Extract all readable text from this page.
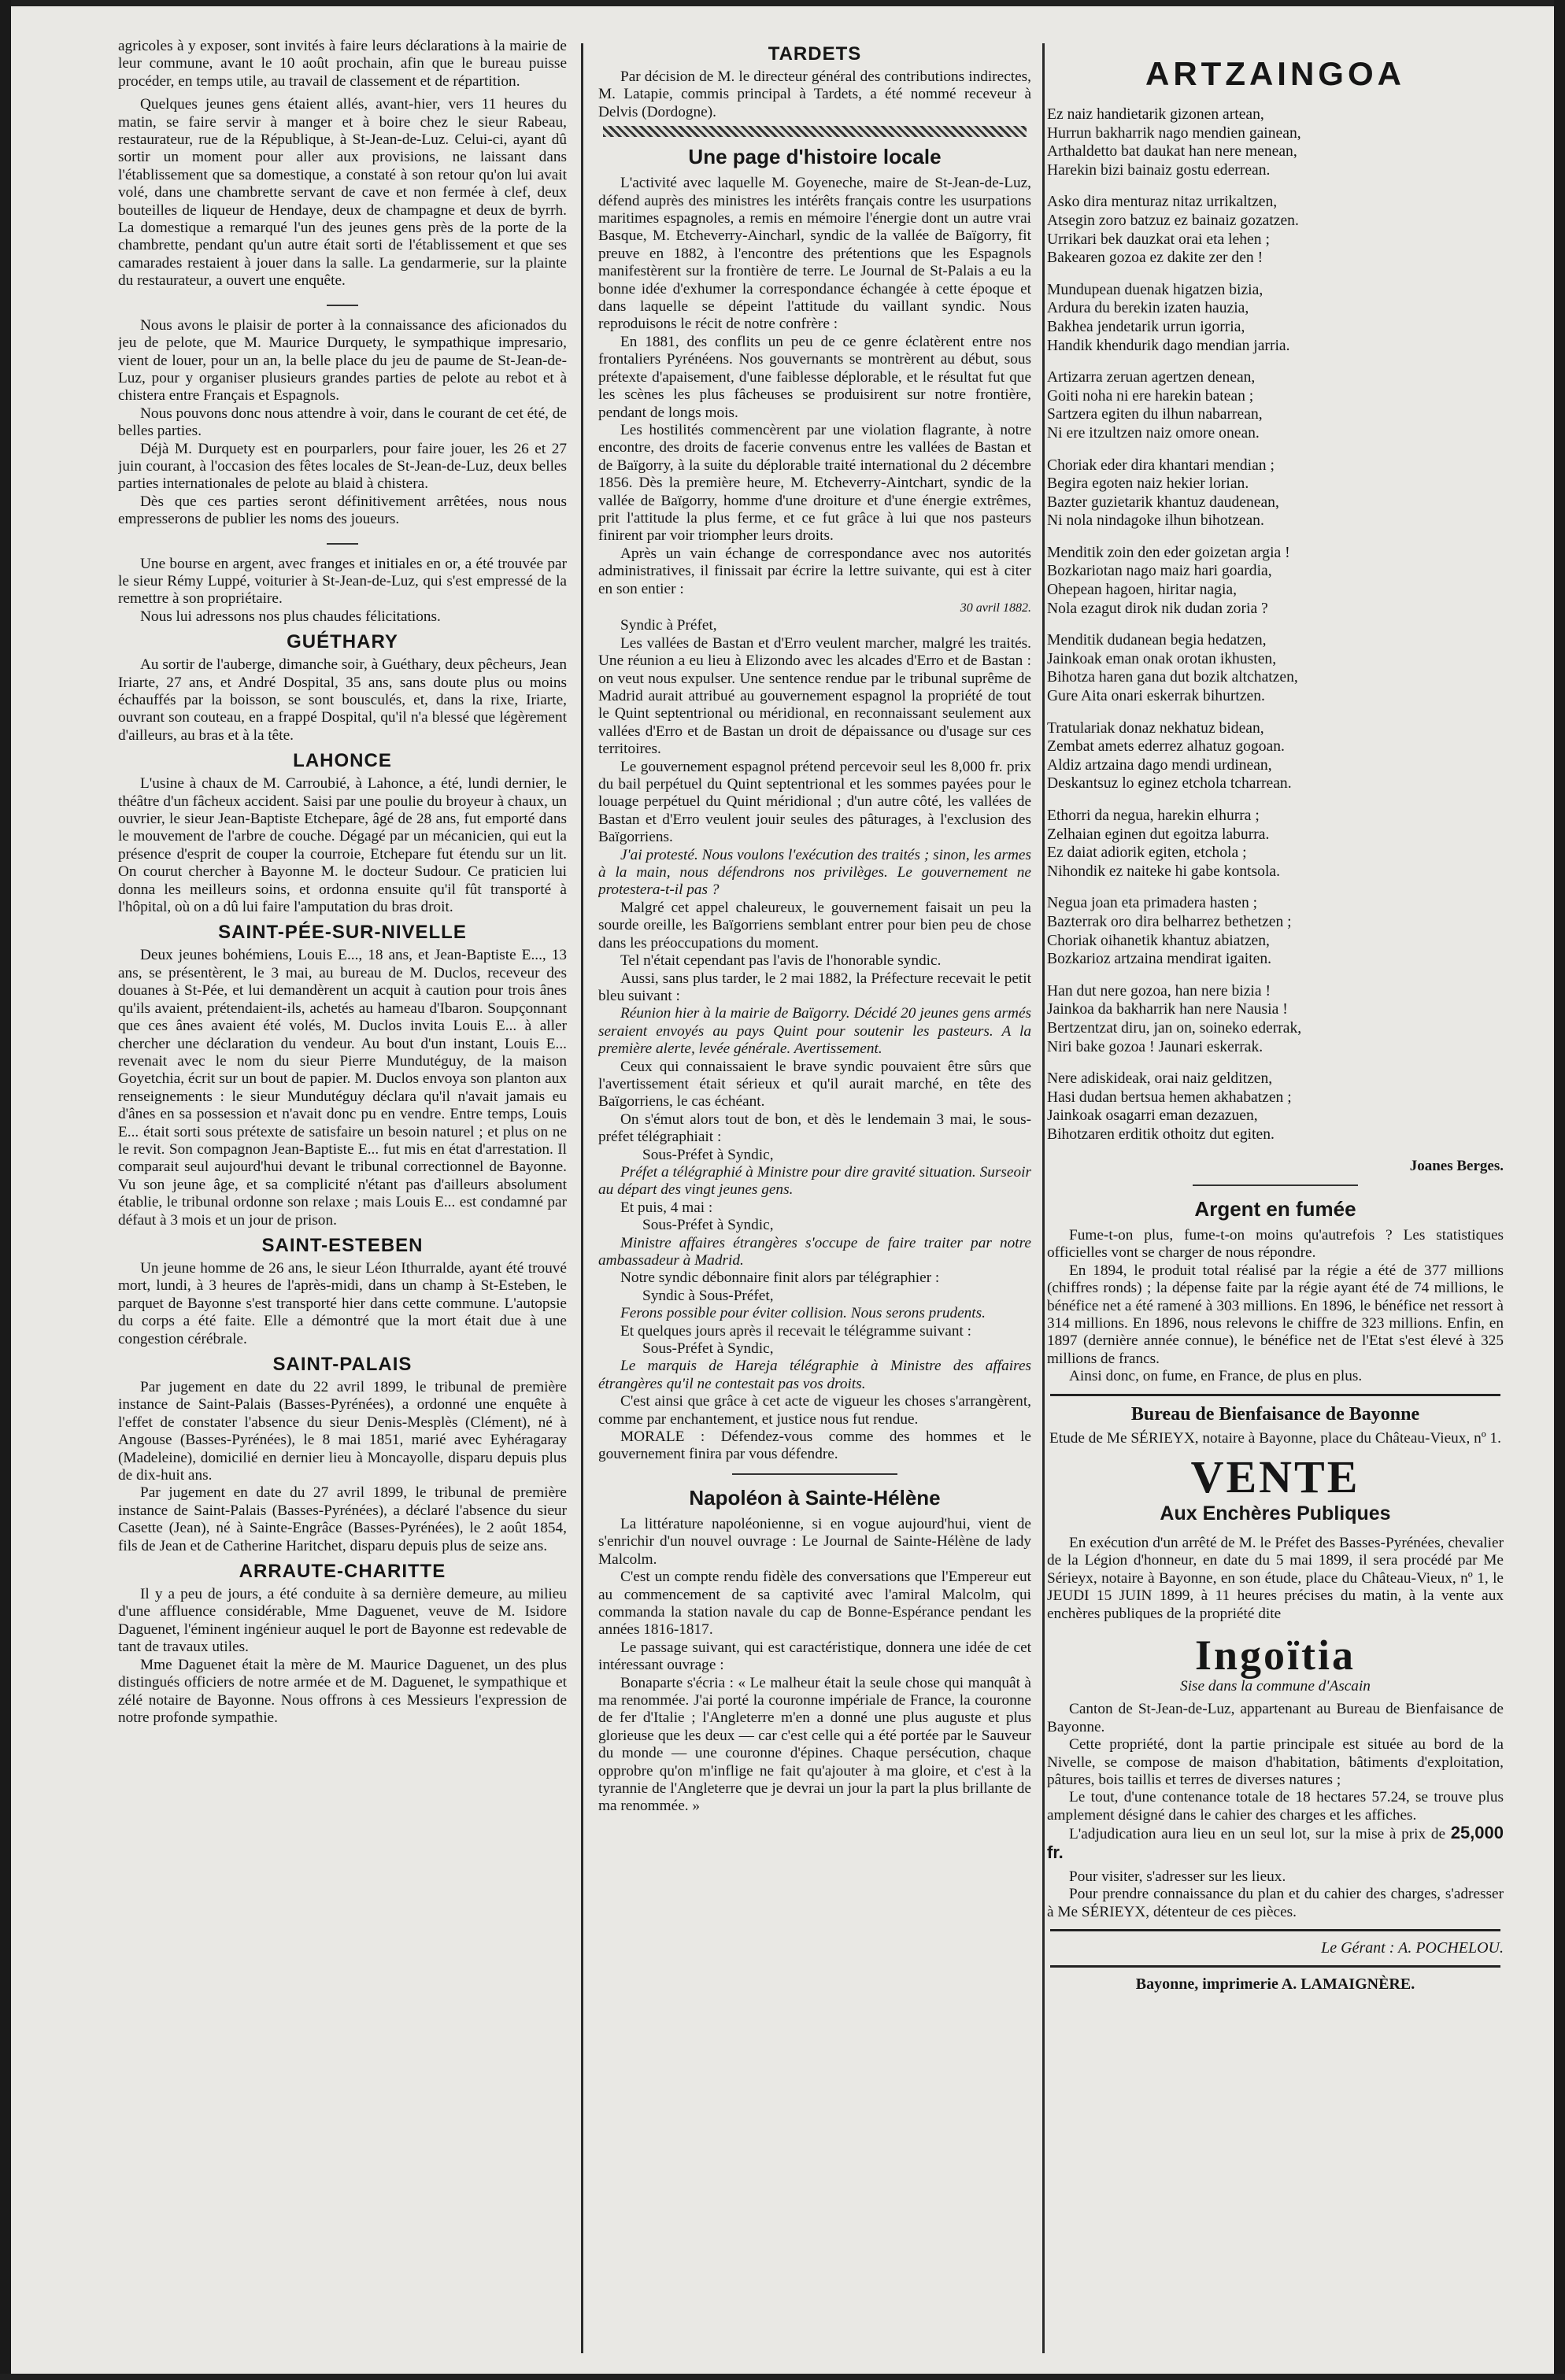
agricoles à y exposer, sont invités à faire leurs déclarations à la mairie de leur commune, avant le 10 août prochain, afin que le bureau puisse procéder, en temps utile, au travail de classement et de répartition.

Quelques jeunes gens étaient allés, avant-hier, vers 11 heures du matin, se faire servir à manger et à boire chez le sieur Rabeau, restaurateur, rue de la République, à St-Jean-de-Luz. Celui-ci, ayant dû sortir un moment pour aller aux provisions, ne laissant dans l'établissement que sa domestique, a constaté à son retour qu'on lui avait volé, dans une chambrette servant de cave et non fermée à clef, deux bouteilles de liqueur de Hendaye, deux de champagne et deux de byrrh. La domestique a remarqué l'un des jeunes gens près de la porte de la chambrette, pendant qu'un autre était sorti de l'établissement et que ses camarades restaient à jouer dans la salle. La gendarmerie, sur la plainte du restaurateur, a ouvert une enquête.

Nous avons le plaisir de porter à la connaissance des aficionados du jeu de pelote, que M. Maurice Durquety, le sympathique impresario, vient de louer, pour un an, la belle place du jeu de paume de St-Jean-de-Luz, pour y organiser plusieurs grandes parties de pelote au rebot et à chistera entre Français et Espagnols.

Nous pouvons donc nous attendre à voir, dans le courant de cet été, de belles parties.

Déjà M. Durquety est en pourparlers, pour faire jouer, les 26 et 27 juin courant, à l'occasion des fêtes locales de St-Jean-de-Luz, deux belles parties internationales de pelote au blaid à chistera.

Dès que ces parties seront définitivement arrêtées, nous nous empresserons de publier les noms des joueurs.

Une bourse en argent, avec franges et initiales en or, a été trouvée par le sieur Rémy Luppé, voiturier à St-Jean-de-Luz, qui s'est empressé de la remettre à son propriétaire.

Nous lui adressons nos plus chaudes félicitations.

GUÉTHARY

Au sortir de l'auberge, dimanche soir, à Guéthary, deux pêcheurs, Jean Iriarte, 27 ans, et André Dospital, 35 ans, sans doute plus ou moins échauffés par la boisson, se sont bousculés, et, dans la rixe, Iriarte, ouvrant son couteau, en a frappé Dospital, qu'il n'a blessé que légèrement d'ailleurs, au bras et à la tête.

LAHONCE

L'usine à chaux de M. Carroubié, à Lahonce, a été, lundi dernier, le théâtre d'un fâcheux accident. Saisi par une poulie du broyeur à chaux, un ouvrier, le sieur Jean-Baptiste Etchepare, âgé de 28 ans, fut emporté dans le mouvement de l'arbre de couche. Dégagé par un mécanicien, qui eut la présence d'esprit de couper la courroie, Etchepare fut étendu sur un lit. On courut chercher à Bayonne M. le docteur Sudour. Ce praticien lui donna les meilleurs soins, et ordonna ensuite qu'il fût transporté à l'hôpital, où on a dû lui faire l'amputation du bras droit.

SAINT-PÉE-SUR-NIVELLE

Deux jeunes bohémiens, Louis E..., 18 ans, et Jean-Baptiste E..., 13 ans, se présentèrent, le 3 mai, au bureau de M. Duclos, receveur des douanes à St-Pée, et lui demandèrent un acquit à caution pour trois ânes qu'ils avaient, prétendaient-ils, achetés au hameau d'Ibaron. Soupçonnant que ces ânes avaient été volés, M. Duclos invita Louis E... à aller chercher une déclaration du vendeur. Au bout d'un instant, Louis E... revenait avec le nom du sieur Pierre Mundutéguy, de la maison Goyetchia, écrit sur un bout de papier. M. Duclos envoya son planton aux renseignements : le sieur Mundutéguy déclara qu'il n'avait jamais eu d'ânes en sa possession et n'avait donc pu en vendre. Entre temps, Louis E... était sorti sous prétexte de satisfaire un besoin naturel ; et plus on ne le revit. Son compagnon Jean-Baptiste E... fut mis en état d'arrestation. Il comparait seul aujourd'hui devant le tribunal correctionnel de Bayonne. Vu son jeune âge, et sa complicité n'étant pas d'ailleurs absolument établie, le tribunal ordonne son relaxe ; mais Louis E... est condamné par défaut à 3 mois et un jour de prison.

SAINT-ESTEBEN

Un jeune homme de 26 ans, le sieur Léon Ithurralde, ayant été trouvé mort, lundi, à 3 heures de l'après-midi, dans un champ à St-Esteben, le parquet de Bayonne s'est transporté hier dans cette commune. L'autopsie du corps a été faite. Elle a démontré que la mort était due à une congestion cérébrale.

SAINT-PALAIS

Par jugement en date du 22 avril 1899, le tribunal de première instance de Saint-Palais (Basses-Pyrénées), a ordonné une enquête à l'effet de constater l'absence du sieur Denis-Mesplès (Clément), né à Angouse (Basses-Pyrénées), le 8 mai 1851, marié avec Eyhéragaray (Madeleine), domicilié en dernier lieu à Moncayolle, disparu depuis plus de dix-huit ans.

Par jugement en date du 27 avril 1899, le tribunal de première instance de Saint-Palais (Basses-Pyrénées), a déclaré l'absence du sieur Casette (Jean), né à Sainte-Engrâce (Basses-Pyrénées), le 2 août 1854, fils de Jean et de Catherine Haritchet, disparu depuis plus de seize ans.

ARRAUTE-CHARITTE

Il y a peu de jours, a été conduite à sa dernière demeure, au milieu d'une affluence considérable, Mme Daguenet, veuve de M. Isidore Daguenet, l'éminent ingénieur auquel le port de Bayonne est redevable de tant de travaux utiles.

Mme Daguenet était la mère de M. Maurice Daguenet, un des plus distingués officiers de notre armée et de M. Daguenet, le sympathique et zélé notaire de Bayonne. Nous offrons à ces Messieurs l'expression de notre profonde sympathie.

TARDETS

Par décision de M. le directeur général des contributions indirectes, M. Latapie, commis principal à Tardets, a été nommé receveur à Delvis (Dordogne).

Une page d'histoire locale

L'activité avec laquelle M. Goyeneche, maire de St-Jean-de-Luz, défend auprès des ministres les intérêts français contre les usurpations maritimes espagnoles, a remis en mémoire l'énergie dont un autre vrai Basque, M. Etcheverry-Aincharl, syndic de la vallée de Baïgorry, fit preuve en 1882, à l'encontre des prétentions que les Espagnols manifestèrent sur la frontière de terre. Le Journal de St-Palais a eu la bonne idée d'exhumer la correspondance échangée à cette époque et dans laquelle se dépeint l'attitude du vaillant syndic. Nous reproduisons le récit de notre confrère :

En 1881, des conflits un peu de ce genre éclatèrent entre nos frontaliers Pyrénéens. Nos gouvernants se montrèrent au début, sous prétexte d'apaisement, d'une faiblesse déplorable, et le résultat fut que les scènes les plus fâcheuses se produisirent sur notre frontière, pendant de longs mois.

Les hostilités commencèrent par une violation flagrante, à notre encontre, des droits de facerie convenus entre les vallées de Bastan et de Baïgorry, à la suite du déplorable traité international du 2 décembre 1856. Dès la première heure, M. Etcheverry-Aintchart, syndic de la vallée de Baïgorry, homme d'une droiture et d'une énergie extrêmes, prit l'attitude la plus ferme, et ce fut grâce à lui que nos pasteurs finirent par voir triompher leurs droits.

Après un vain échange de correspondance avec nos autorités administratives, il finissait par écrire la lettre suivante, qui est à citer en son entier :

30 avril 1882.

Syndic à Préfet,

Les vallées de Bastan et d'Erro veulent marcher, malgré les traités. Une réunion a eu lieu à Elizondo avec les alcades d'Erro et de Bastan : on veut nous expulser. Une sentence rendue par le tribunal suprême de Madrid aurait attribué au gouvernement espagnol la propriété de tout le Quint septentrional ou méridional, en reconnaissant seulement aux vallées d'Erro et de Bastan un droit de dépaissance ou d'usage sur ces territoires.

Le gouvernement espagnol prétend percevoir seul les 8,000 fr. prix du bail perpétuel du Quint septentrional et les sommes payées pour le louage perpétuel du Quint méridional ; d'un autre côté, les vallées de Bastan et d'Erro veulent jouir seules des pâturages, à l'exclusion des Baïgorriens.

J'ai protesté. Nous voulons l'exécution des traités ; sinon, les armes à la main, nous défendrons nos privilèges. Le gouvernement ne protestera-t-il pas ?

Malgré cet appel chaleureux, le gouvernement faisait un peu la sourde oreille, les Baïgorriens semblant entrer pour bien peu de chose dans les préoccupations du moment.

Tel n'était cependant pas l'avis de l'honorable syndic.

Aussi, sans plus tarder, le 2 mai 1882, la Préfecture recevait le petit bleu suivant :

Réunion hier à la mairie de Baïgorry. Décidé 20 jeunes gens armés seraient envoyés au pays Quint pour soutenir les pasteurs. A la première alerte, levée générale. Avertissement.

Ceux qui connaissaient le brave syndic pouvaient être sûrs que l'avertissement était sérieux et qu'il aurait marché, en tête des Baïgorriens, le cas échéant.

On s'émut alors tout de bon, et dès le lendemain 3 mai, le sous-préfet télégraphiait :

Sous-Préfet à Syndic,

Préfet a télégraphié à Ministre pour dire gravité situation. Surseoir au départ des vingt jeunes gens.

Et puis, 4 mai :

Sous-Préfet à Syndic,

Ministre affaires étrangères s'occupe de faire traiter par notre ambassadeur à Madrid.

Notre syndic débonnaire finit alors par télégraphier :

Syndic à Sous-Préfet,

Ferons possible pour éviter collision. Nous serons prudents.

Et quelques jours après il recevait le télégramme suivant :

Sous-Préfet à Syndic,

Le marquis de Hareja télégraphie à Ministre des affaires étrangères qu'il ne contestait pas vos droits.

C'est ainsi que grâce à cet acte de vigueur les choses s'arrangèrent, comme par enchantement, et justice nous fut rendue.

MORALE : Défendez-vous comme des hommes et le gouvernement finira par vous défendre.

Napoléon à Sainte-Hélène

La littérature napoléonienne, si en vogue aujourd'hui, vient de s'enrichir d'un nouvel ouvrage : Le Journal de Sainte-Hélène de lady Malcolm.

C'est un compte rendu fidèle des conversations que l'Empereur eut au commencement de sa captivité avec l'amiral Malcolm, qui commanda la station navale du cap de Bonne-Espérance pendant les années 1816-1817.

Le passage suivant, qui est caractéristique, donnera une idée de cet intéressant ouvrage :

Bonaparte s'écria : « Le malheur était la seule chose qui manquât à ma renommée. J'ai porté la couronne impériale de France, la couronne de fer d'Italie ; l'Angleterre m'en a donné une plus auguste et plus glorieuse que les deux — car c'est celle qui a été portée par le Sauveur du monde — une couronne d'épines. Chaque persécution, chaque opprobre qu'on m'inflige ne fait qu'ajouter à ma gloire, et c'est à la tyrannie de l'Angleterre que je devrai un jour la part la plus brillante de ma renommée. »

ARTZAINGOA

Ez naiz handietarik gizonen artean,

Hurrun bakharrik nago mendien gainean,

Arthaldetto bat daukat han nere menean,

Harekin bizi bainaiz gostu ederrean.

Asko dira menturaz nitaz urrikaltzen,

Atsegin zoro batzuz ez bainaiz gozatzen.

Urrikari bek dauzkat orai eta lehen ;

Bakearen gozoa ez dakite zer den !

Mundupean duenak higatzen bizia,

Ardura du berekin izaten hauzia,

Bakhea jendetarik urrun igorria,

Handik khendurik dago mendian jarria.

Artizarra zeruan agertzen denean,

Goiti noha ni ere harekin batean ;

Sartzera egiten du ilhun nabarrean,

Ni ere itzultzen naiz omore onean.

Choriak eder dira khantari mendian ;

Begira egoten naiz hekier lorian.

Bazter guzietarik khantuz daudenean,

Ni nola nindagoke ilhun bihotzean.

Menditik zoin den eder goizetan argia !

Bozkariotan nago maiz hari goardia,

Ohepean hagoen, hiritar nagia,

Nola ezagut dirok nik dudan zoria ?

Menditik dudanean begia hedatzen,

Jainkoak eman onak orotan ikhusten,

Bihotza haren gana dut bozik altchatzen,

Gure Aita onari eskerrak bihurtzen.

Tratulariak donaz nekhatuz bidean,

Zembat amets ederrez alhatuz gogoan.

Aldiz artzaina dago mendi urdinean,

Deskantsuz lo eginez etchola tcharrean.

Ethorri da negua, harekin elhurra ;

Zelhaian eginen dut egoitza laburra.

Ez daiat adiorik egiten, etchola ;

Nihondik ez naiteke hi gabe kontsola.

Negua joan eta primadera hasten ;

Bazterrak oro dira belharrez bethetzen ;

Choriak oihanetik khantuz abiatzen,

Bozkarioz artzaina mendirat igaiten.

Han dut nere gozoa, han nere bizia !

Jainkoa da bakharrik han nere Nausia !

Bertzentzat diru, jan on, soineko ederrak,

Niri bake gozoa ! Jaunari eskerrak.

Nere adiskideak, orai naiz gelditzen,

Hasi dudan bertsua hemen akhabatzen ;

Jainkoak osagarri eman dezazuen,

Bihotzaren erditik othoitz dut egiten.

Joanes Berges.

Argent en fumée

Fume-t-on plus, fume-t-on moins qu'autrefois ? Les statistiques officielles vont se charger de nous répondre.

En 1894, le produit total réalisé par la régie a été de 377 millions (chiffres ronds) ; la dépense faite par la régie ayant été de 74 millions, le bénéfice net a été ramené à 303 millions. En 1896, le bénéfice net ressort à 314 millions. En 1896, nous relevons le chiffre de 323 millions. Enfin, en 1897 (dernière année connue), le bénéfice net de l'Etat s'est élevé à 325 millions de francs.

Ainsi donc, on fume, en France, de plus en plus.

Bureau de Bienfaisance de Bayonne

Etude de Me SÉRIEYX, notaire à Bayonne, place du Château-Vieux, nº 1.

VENTE
Aux Enchères Publiques

En exécution d'un arrêté de M. le Préfet des Basses-Pyrénées, chevalier de la Légion d'honneur, en date du 5 mai 1899, il sera procédé par Me Sérieyx, notaire à Bayonne, en son étude, place du Château-Vieux, nº 1, le JEUDI 15 JUIN 1899, à 11 heures précises du matin, à la vente aux enchères publiques de la propriété dite

Ingoïtia

Sise dans la commune d'Ascain

Canton de St-Jean-de-Luz, appartenant au Bureau de Bienfaisance de Bayonne.

Cette propriété, dont la partie principale est située au bord de la Nivelle, se compose de maison d'habitation, bâtiments d'exploitation, pâtures, bois taillis et terres de diverses natures ;

Le tout, d'une contenance totale de 18 hectares 57.24, se trouve plus amplement désigné dans le cahier des charges et les affiches.

L'adjudication aura lieu en un seul lot, sur la mise à prix de 25,000 fr.

Pour visiter, s'adresser sur les lieux.

Pour prendre connaissance du plan et du cahier des charges, s'adresser à Me SÉRIEYX, détenteur de ces pièces.

Le Gérant : A. POCHELOU.

Bayonne, imprimerie A. LAMAIGNÈRE.
